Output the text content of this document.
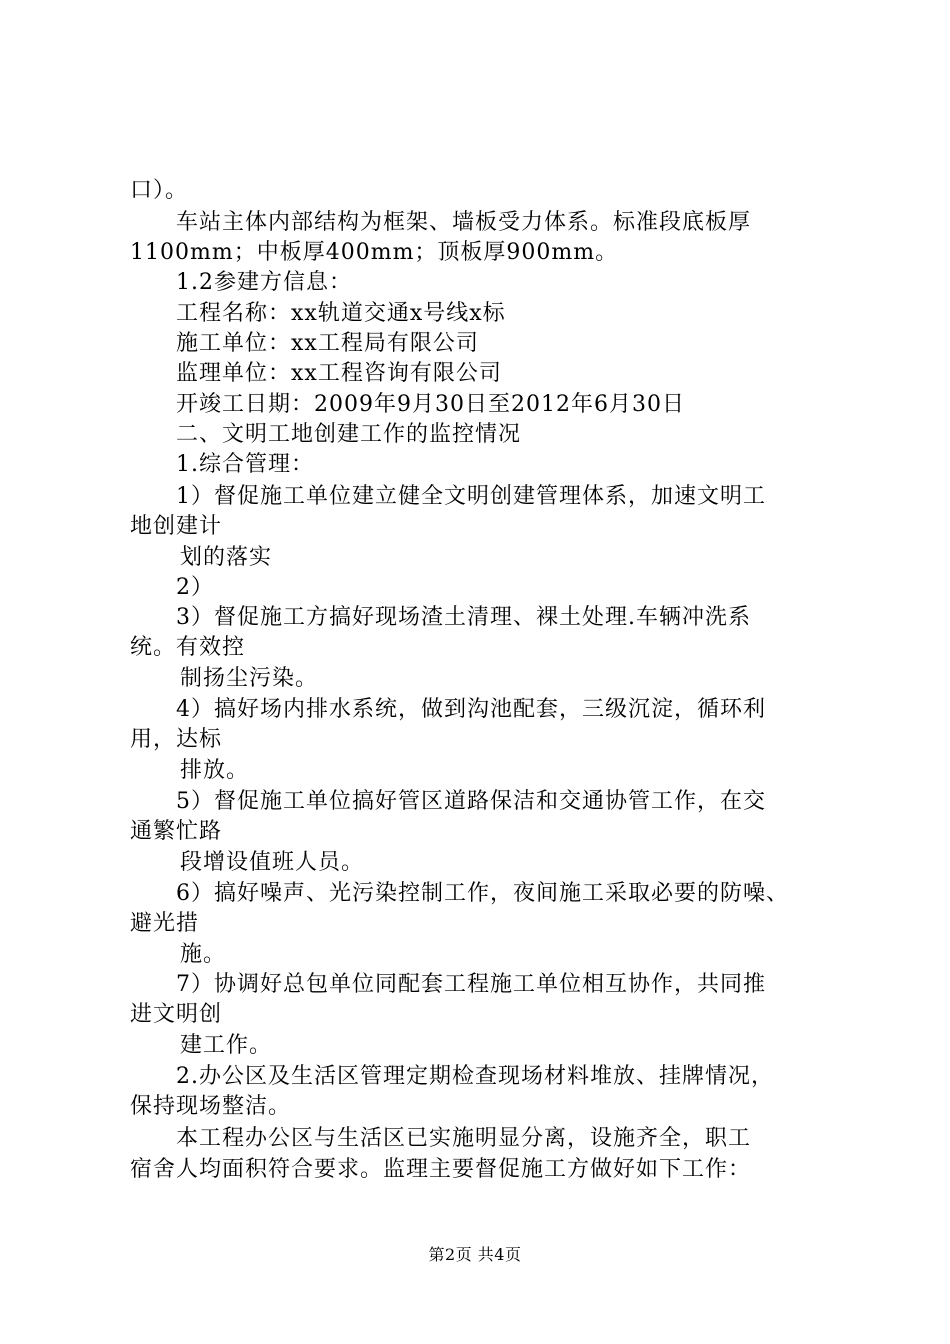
口）。
车站主体内部结构为框架、墙板受力体系。标准段底板厚
1100mm；中板厚400mm；顶板厚900mm。
1.2参建方信息：
工程名称：xx轨道交通x号线x标
施工单位：xx工程局有限公司
监理单位：xx工程咨询有限公司
开竣工日期：2009年9月30日至2012年6月30日
二、文明工地创建工作的监控情况
1.综合管理：
1）督促施工单位建立健全文明创建管理体系，加速文明工
地创建计
划的落实
2）
3）督促施工方搞好现场渣土清理、裸土处理.车辆冲洗系
统。有效控
制扬尘污染。
4）搞好场内排水系统，做到沟池配套，三级沉淀，循环利
用，达标
排放。
5）督促施工单位搞好管区道路保洁和交通协管工作，在交
通繁忙路
段增设值班人员。
6）搞好噪声、光污染控制工作，夜间施工采取必要的防噪、
避光措
施。
7）协调好总包单位同配套工程施工单位相互协作，共同推
进文明创
建工作。
2.办公区及生活区管理定期检查现场材料堆放、挂牌情况，
保持现场整洁。
本工程办公区与生活区已实施明显分离，设施齐全，职工
宿舍人均面积符合要求。监理主要督促施工方做好如下工作：
第2页 共4页
